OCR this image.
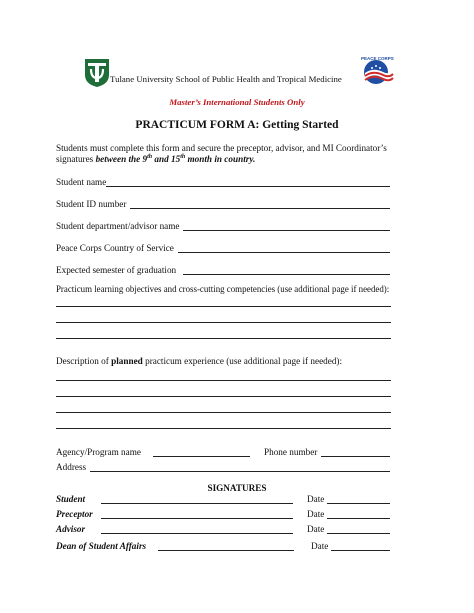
PEACE CORPS
Tulane University School of Public Health and Tropical Medicine
Master’s International Students Only
PRACTICUM FORM A: Getting Started
Students must complete this form and secure the preceptor, advisor, and MI Coordinator’s
signatures between the 9th and 15th month in country.
Student name
Student ID number
Student department/advisor name
Peace Corps Country of Service
Expected semester of graduation
Practicum learning objectives and cross-cutting competencies (use additional page if needed):
Description of planned practicum experience (use additional page if needed):
Agency/Program name	Phone number
Address
SIGNATURES
Student	Date
Preceptor	Date
Advisor	Date
Dean of Student Affairs	Date
